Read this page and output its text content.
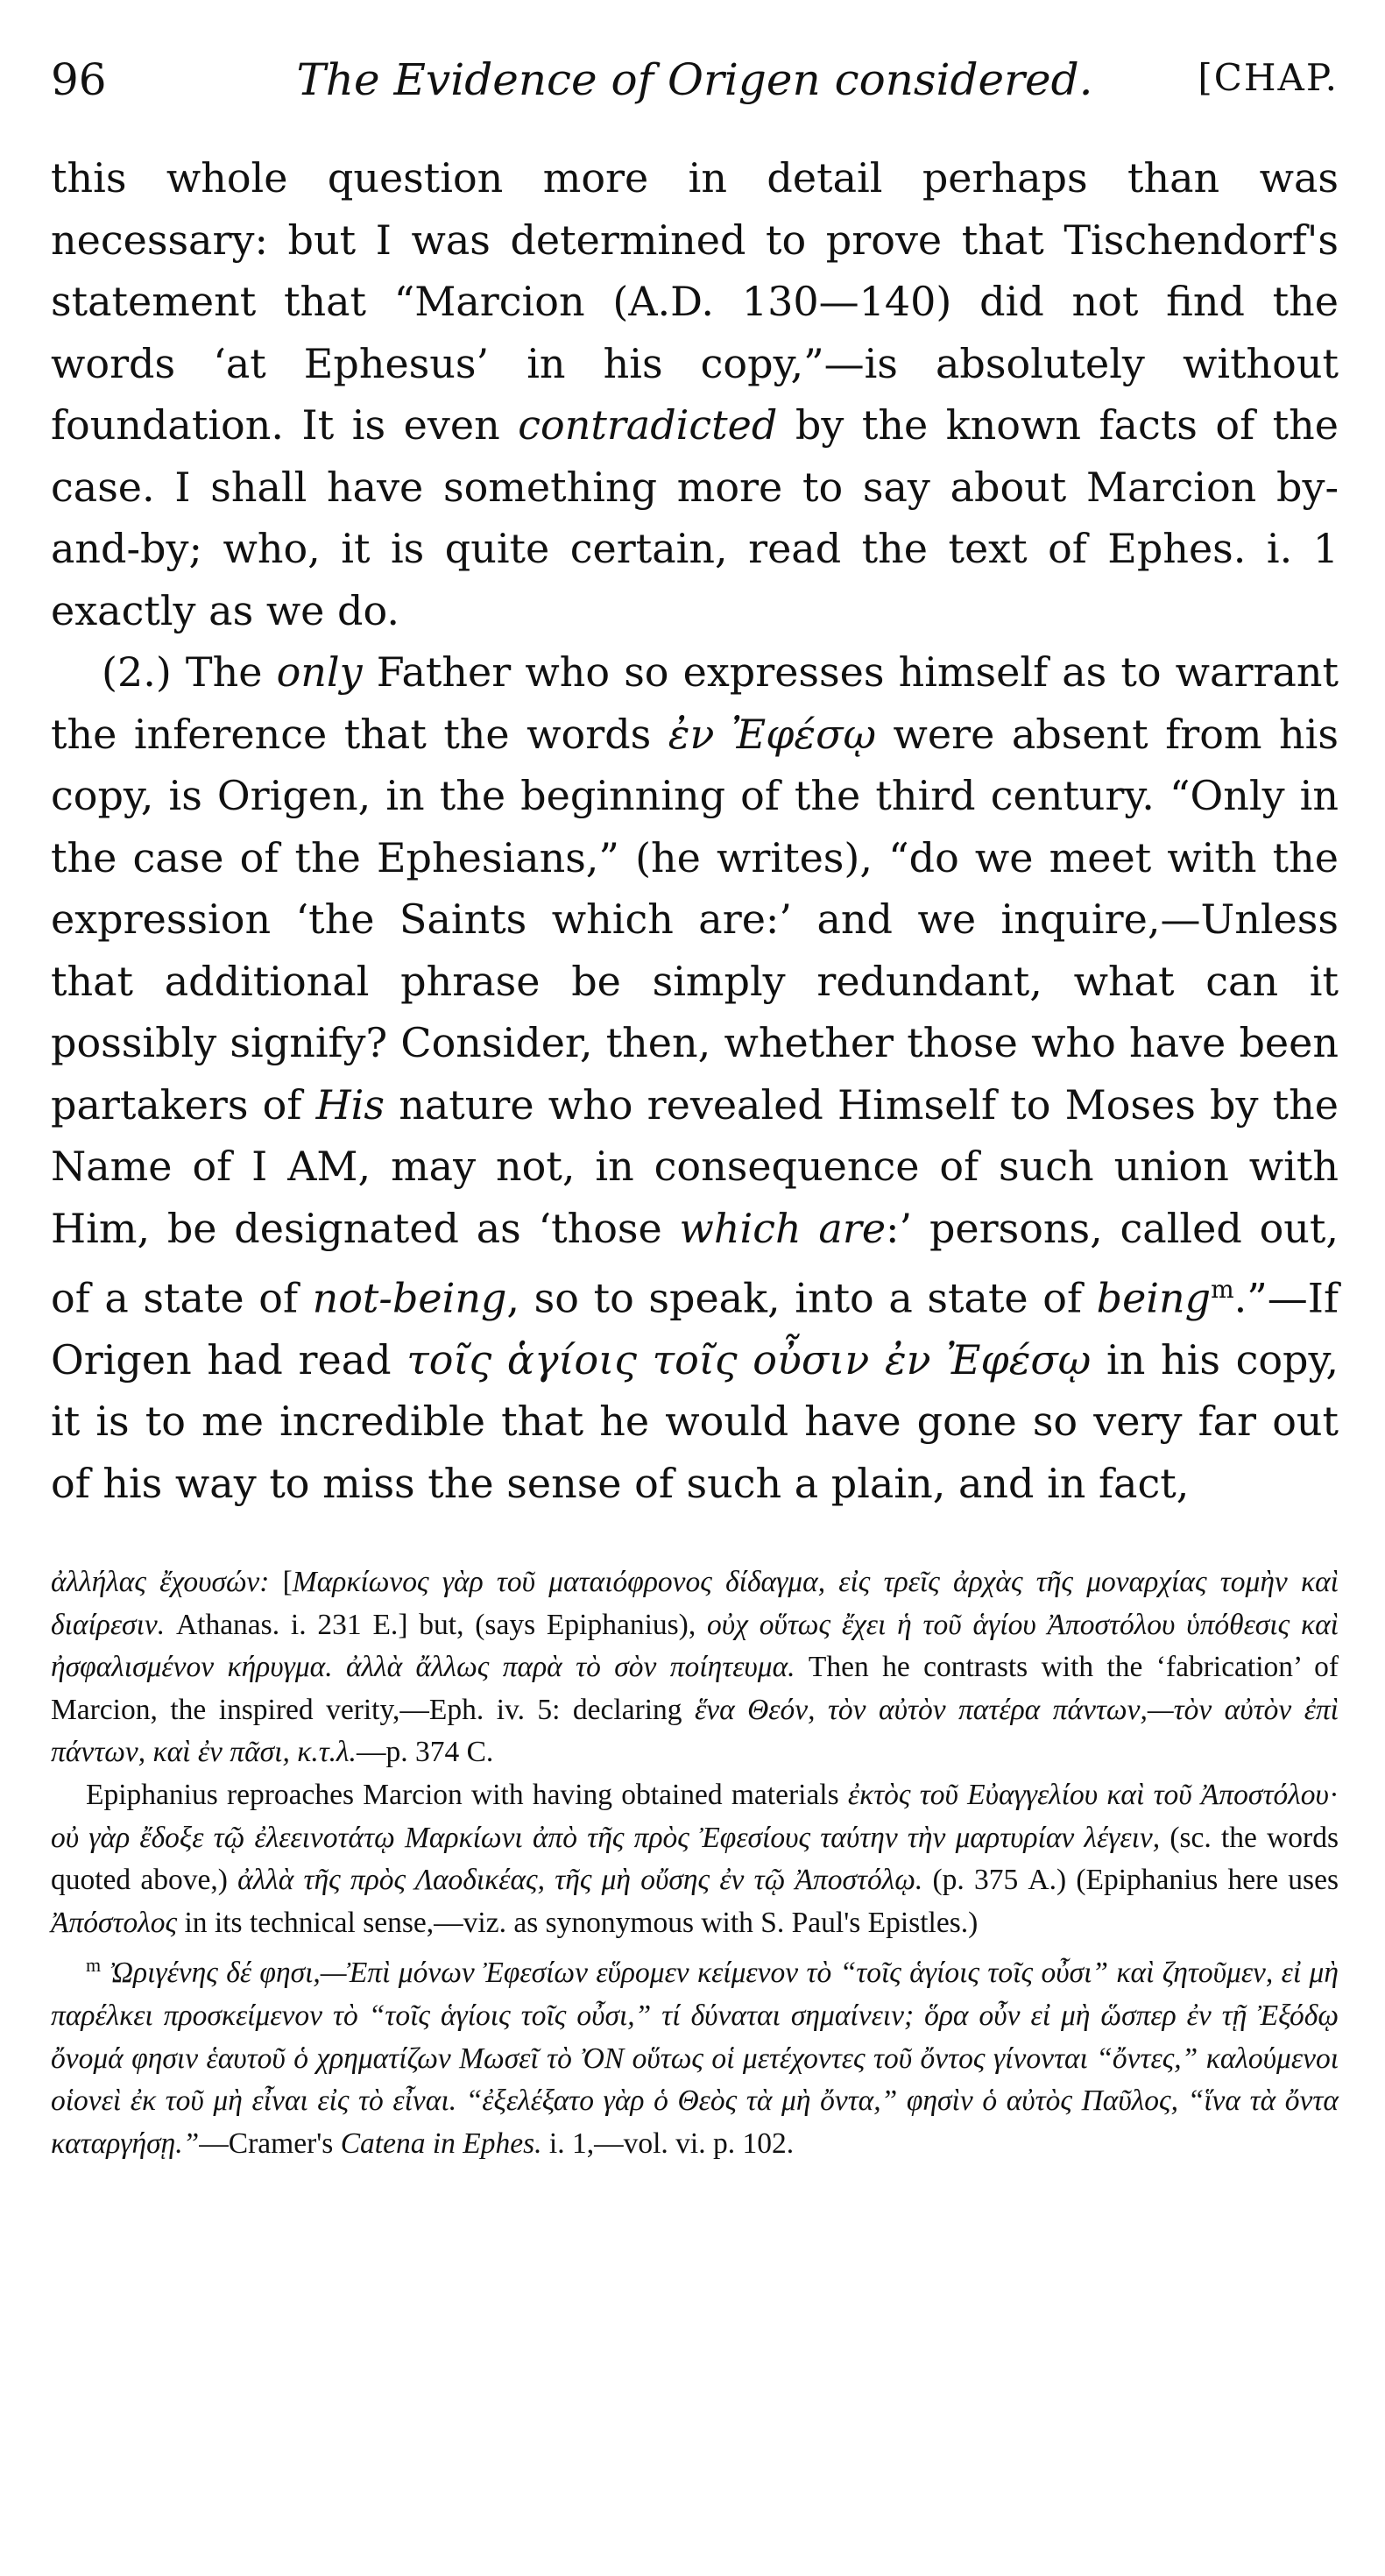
96	The Evidence of Origen considered.	[CHAP.

this whole question more in detail perhaps than was necessary: but I was determined to prove that Tischendorf's statement that “Marcion (A.D. 130—140) did not find the words ‘at Ephesus’ in his copy,”—is absolutely without foundation. It is even contradicted by the known facts of the case. I shall have something more to say about Marcion by-and-by; who, it is quite certain, read the text of Ephes. i. 1 exactly as we do.

(2.) The only Father who so expresses himself as to warrant the inference that the words ἐν Ἐφέσῳ were absent from his copy, is Origen, in the beginning of the third century. “Only in the case of the Ephesians,” (he writes), “do we meet with the expression ‘the Saints which are:’ and we inquire,—Unless that additional phrase be simply redundant, what can it possibly signify? Consider, then, whether those who have been partakers of His nature who revealed Himself to Moses by the Name of I AM, may not, in consequence of such union with Him, be designated as ‘those which are:’ persons, called out, of a state of not-being, so to speak, into a state of being$^m$.”—If Origen had read τοῖς ἁγίοις τοῖς οὖσιν ἐν Ἐφέσῳ in his copy, it is to me incredible that he would have gone so very far out of his way to miss the sense of such a plain, and in fact,

ἀλλήλας ἔχουσών: [Μαρκίωνος γὰρ τοῦ ματαιόφρονος δίδαγμα, εἰς τρεῖς ἀρχὰς τῆς μοναρχίας τομὴν καὶ διαίρεσιν. Athanas. i. 231 E.] but, (says Epiphanius), οὐχ οὕτως ἔχει ἡ τοῦ ἁγίου Ἀποστόλου ὑπόθεσις καὶ ἠσφαλισμένον κήρυγμα. ἀλλὰ ἄλλως παρὰ τὸ σὸν ποίητευμα. Then he contrasts with the ‘fabrication’ of Marcion, the inspired verity,—Eph. iv. 5: declaring ἕνα Θεόν, τὸν αὐτὸν πατέρα πάντων,—τὸν αὐτὸν ἐπὶ πάντων, καὶ ἐν πᾶσι, κ.τ.λ.—p. 374 C.

Epiphanius reproaches Marcion with having obtained materials ἐκτὸς τοῦ Εὐαγγελίου καὶ τοῦ Ἀποστόλου· οὐ γὰρ ἔδοξε τῷ ἐλεεινοτάτῳ Μαρκίωνι ἀπὸ τῆς πρὸς Ἐφεσίους ταύτην τὴν μαρτυρίαν λέγειν, (sc. the words quoted above,) ἀλλὰ τῆς πρὸς Λαοδικέας, τῆς μὴ οὔσης ἐν τῷ Ἀποστόλῳ. (p. 375 A.) (Epiphanius here uses Ἀπόστολος in its technical sense,—viz. as synonymous with S. Paul's Epistles.)

$^m$ Ὠριγένης δέ φησι,—Ἐπὶ μόνων Ἐφεσίων εὕρομεν κείμενον τὸ “τοῖς ἁγίοις τοῖς οὖσι” καὶ ζητοῦμεν, εἰ μὴ παρέλκει προσκείμενον τὸ “τοῖς ἁγίοις τοῖς οὖσι,” τί δύναται σημαίνειν; ὅρα οὖν εἰ μὴ ὥσπερ ἐν τῇ Ἐξόδῳ ὄνομά φησιν ἑαυτοῦ ὁ χρηματίζων Μωσεῖ τὸ ὈΝ οὕτως οἱ μετέχοντες τοῦ ὄντος γίνονται “ὄντες,” καλούμενοι οἱονεὶ ἐκ τοῦ μὴ εἶναι εἰς τὸ εἶναι. “ἐξελέξατο γὰρ ὁ Θεὸς τὰ μὴ ὄντα,” φησὶν ὁ αὐτὸς Παῦλος, “ἵνα τὰ ὄντα καταργήσῃ.”—Cramer's Catena in Ephes. i. 1,—vol. vi. p. 102.
